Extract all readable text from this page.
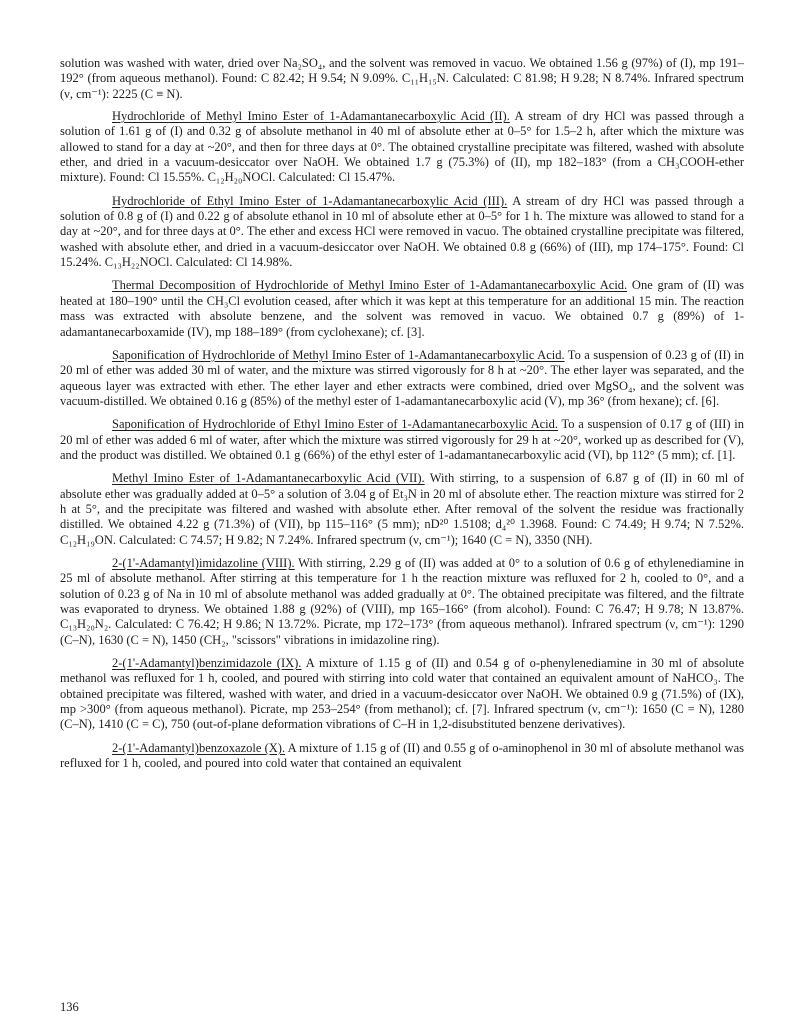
solution was washed with water, dried over Na₂SO₄, and the solvent was removed in vacuo. We obtained 1.56 g (97%) of (I), mp 191–192° (from aqueous methanol). Found: C 82.42; H 9.54; N 9.09%. C₁₁H₁₅N. Calculated: C 81.98; H 9.28; N 8.74%. Infrared spectrum (ν, cm⁻¹): 2225 (C ≡ N).

Hydrochloride of Methyl Imino Ester of 1-Adamantanecarboxylic Acid (II). A stream of dry HCl was passed through a solution of 1.61 g of (I) and 0.32 g of absolute methanol in 40 ml of absolute ether at 0–5° for 1.5–2 h, after which the mixture was allowed to stand for a day at ~20°, and then for three days at 0°. The obtained crystalline precipitate was filtered, washed with absolute ether, and dried in a vacuum-desiccator over NaOH. We obtained 1.7 g (75.3%) of (II), mp 182–183° (from a CH₃COOH-ether mixture). Found: Cl 15.55%. C₁₂H₂₀NOCl. Calculated: Cl 15.47%.

Hydrochloride of Ethyl Imino Ester of 1-Adamantanecarboxylic Acid (III). A stream of dry HCl was passed through a solution of 0.8 g of (I) and 0.22 g of absolute ethanol in 10 ml of absolute ether at 0–5° for 1 h. The mixture was allowed to stand for a day at ~20°, and for three days at 0°. The ether and excess HCl were removed in vacuo. The obtained crystalline precipitate was filtered, washed with absolute ether, and dried in a vacuum-desiccator over NaOH. We obtained 0.8 g (66%) of (III), mp 174–175°. Found: Cl 15.24%. C₁₃H₂₂NOCl. Calculated: Cl 14.98%.

Thermal Decomposition of Hydrochloride of Methyl Imino Ester of 1-Adamantanecarboxylic Acid. One gram of (II) was heated at 180–190° until the CH₃Cl evolution ceased, after which it was kept at this temperature for an additional 15 min. The reaction mass was extracted with absolute benzene, and the solvent was removed in vacuo. We obtained 0.7 g (89%) of 1-adamantanecarboxamide (IV), mp 188–189° (from cyclohexane); cf. [3].

Saponification of Hydrochloride of Methyl Imino Ester of 1-Adamantanecarboxylic Acid. To a suspension of 0.23 g of (II) in 20 ml of ether was added 30 ml of water, and the mixture was stirred vigorously for 8 h at ~20°. The ether layer was separated, and the aqueous layer was extracted with ether. The ether layer and ether extracts were combined, dried over MgSO₄, and the solvent was vacuum-distilled. We obtained 0.16 g (85%) of the methyl ester of 1-adamantanecarboxylic acid (V), mp 36° (from hexane); cf. [6].

Saponification of Hydrochloride of Ethyl Imino Ester of 1-Adamantanecarboxylic Acid. To a suspension of 0.17 g of (III) in 20 ml of ether was added 6 ml of water, after which the mixture was stirred vigorously for 29 h at ~20°, worked up as described for (V), and the product was distilled. We obtained 0.1 g (66%) of the ethyl ester of 1-adamantanecarboxylic acid (VI), bp 112° (5 mm); cf. [1].

Methyl Imino Ester of 1-Adamantanecarboxylic Acid (VII). With stirring, to a suspension of 6.87 g of (II) in 60 ml of absolute ether was gradually added at 0–5° a solution of 3.04 g of Et₃N in 20 ml of absolute ether. The reaction mixture was stirred for 2 h at 5°, and the precipitate was filtered and washed with absolute ether. After removal of the solvent the residue was fractionally distilled. We obtained 4.22 g (71.3%) of (VII), bp 115–116° (5 mm); nD²⁰ 1.5108; d₄²⁰ 1.3968. Found: C 74.49; H 9.74; N 7.52%. C₁₂H₁₉ON. Calculated: C 74.57; H 9.82; N 7.24%. Infrared spectrum (ν, cm⁻¹); 1640 (C = N), 3350 (NH).

2-(1'-Adamantyl)imidazoline (VIII). With stirring, 2.29 g of (II) was added at 0° to a solution of 0.6 g of ethylenediamine in 25 ml of absolute methanol. After stirring at this temperature for 1 h the reaction mixture was refluxed for 2 h, cooled to 0°, and a solution of 0.23 g of Na in 10 ml of absolute methanol was added gradually at 0°. The obtained precipitate was filtered, and the filtrate was evaporated to dryness. We obtained 1.88 g (92%) of (VIII), mp 165–166° (from alcohol). Found: C 76.47; H 9.78; N 13.87%. C₁₃H₂₀N₂. Calculated: C 76.42; H 9.86; N 13.72%. Picrate, mp 172–173° (from aqueous methanol). Infrared spectrum (ν, cm⁻¹): 1290 (C–N), 1630 (C = N), 1450 (CH₂, "scissors" vibrations in imidazoline ring).

2-(1'-Adamantyl)benzimidazole (IX). A mixture of 1.15 g of (II) and 0.54 g of o-phenylenediamine in 30 ml of absolute methanol was refluxed for 1 h, cooled, and poured with stirring into cold water that contained an equivalent amount of NaHCO₃. The obtained precipitate was filtered, washed with water, and dried in a vacuum-desiccator over NaOH. We obtained 0.9 g (71.5%) of (IX), mp >300° (from aqueous methanol). Picrate, mp 253–254° (from methanol); cf. [7]. Infrared spectrum (ν, cm⁻¹): 1650 (C = N), 1280 (C–N), 1410 (C = C), 750 (out-of-plane deformation vibrations of C–H in 1,2-disubstituted benzene derivatives).

2-(1'-Adamantyl)benzoxazole (X). A mixture of 1.15 g of (II) and 0.55 g of o-aminophenol in 30 ml of absolute methanol was refluxed for 1 h, cooled, and poured into cold water that contained an equivalent

136
